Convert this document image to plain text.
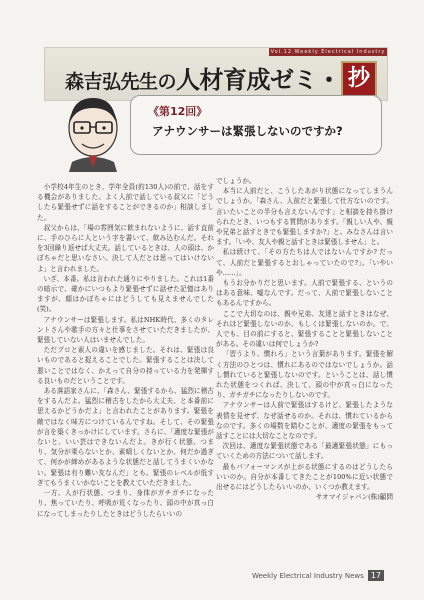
Vol.12 Weekly Electrical Industry
森吉弘先生の人材育成ゼミ・ 抄
《第12回》
アナウンサーは緊張しないのですか?

小学校4年生のとき、学年全員(約130人)の前で、話をする機会がありました。よく人前で話している叔父に「どうしたら緊張せずに話をすることができるのか」相談しました。

叔父からは、「場の雰囲気に飲まれないように、話す直前に、手のひらに人という字を書いて、飲み込むんだ。それを3回繰り返せば大丈夫。話しているときは、人の頭は、かぼちゃだと思いなさい。決して人だとは思ってはいけないよ」と言われました。

いざ、本番。私は言われた通りにやりました。これは1番の暗示で、確かにいつもより緊張せずに話せた記憶はありますが、顔はかぼちゃにはどうしても見えませんでした(笑)。

アナウンサーは緊張します。私はNHK時代、多くのタレントさんや歌手の方々と仕事をさせていただきましたが、緊張していない人はいませんでした。

ただプロと素人の違いを感じました。それは、緊張は良いものであると捉えることでした。緊張することは決して悪いことではなく、かえって自分の持っている力を発揮する良いものだということです。

ある落語家さんに、「森さん、緊張するから、猛烈に稽古をするんだよ。猛烈に稽古をしたから大丈夫、と本番前に思えるかどうかだよ」と言われたことがあります。緊張を敵ではなく味方につけているんですね。そして、その緊張が言を築くきっかけにしています。さらに、「適度な緊張がないと、いい芸はできないんだよ。きが行く状態、つまり、気分が乗らないとか、素晴しくないとか、何だか過ぎて、何かが締めがあるような状態だと話してうまくいかない。緊張は有り難い友なんだ」とも。緊張のレベルが低すぎてもうまくいかないことを教えていただきました。

一方、人が行状態、つまり、身体がガチガチになったり、焦っていたり、呼吸が荒くなったり、頭の中が真っ白になってしまったりしたときはどうしたらいいの

でしょうか。

本当に人前だと、こうしたあがり状態になってしまうんでしょうか。「森さん、人前だと緊張して仕方ないのです。言いたいことの半分も言えないんです」と相談を持ち掛けられたとき、いつもする質問があります。「親しい人や、親や兄弟と話すときでも緊張しますか?」と。みなさんは言います。「いや、友人や親と話すときは緊張しません」と。

私は続けて、「その方たちは人ではないんですか? だって、人前だと緊張するとおしゃっていたので?」。「いやいや……」。

もうお分かりだと思います。人前で緊張する、というのはある意味、嘘なんです。だって、人前で緊張しないこともあるんですから。

ここで大切なのは、親や兄弟、友達と話すときはなぜ、それほど緊張しないのか、もしくは緊張しないのか。で、人でも、目の前にすると、緊張することと緊張しないことがある。その違いは何でしょうか?

「習うより、慣れろ」という言葉があります。緊張を解く方法のひとつは、慣れにあるのではないでしょうか。話し慣れていると緊張しないのです。ということは、話し慣れた状態をつくれば、決して、頭の中が真っ白になったり、ガチガチになったりしないのです。

アナウンサーは人前で緊張はするけど、緊張したような表情を見せず、なぜ話せるのか。それは、慣れているからなのです。多くの場数を踏むことが、適度の緊張をもって話すことには大切なことなのです。

次回は、適度な緊張状態である「最適緊張状態」にもっていくための方法について話します。

最もパフォーマンスが上がる状態にするのはどうしたらいいのか。自分が本番してきたことが100%に近い状態で出せるにはどうしたらいいのか、いくつか教えます。

サオマイジャパン(株)顧問

Weekly Electrical Industry News 17
